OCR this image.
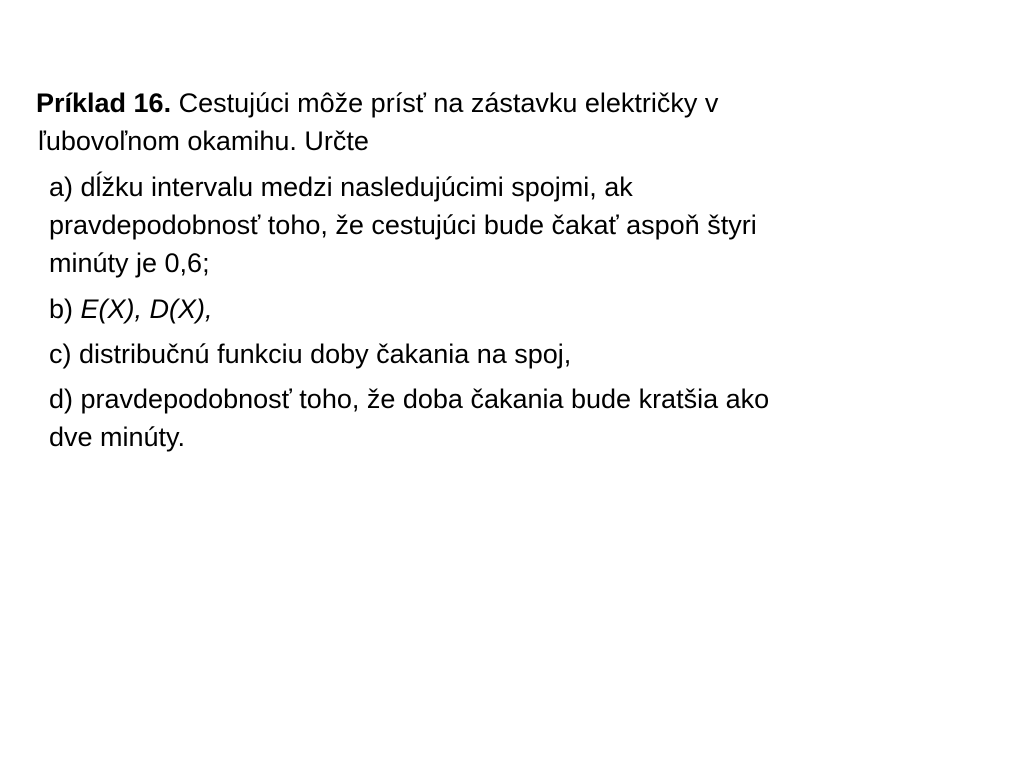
Príklad 16. Cestujúci môže prísť na zástavku električky v
ľubovoľnom okamihu. Určte

a) dĺžku intervalu medzi nasledujúcimi spojmi, ak
pravdepodobnosť toho, že cestujúci bude čakať aspoň štyri
minúty je 0,6;
b) E(X), D(X),
c) distribučnú funkciu doby čakania na spoj,
d) pravdepodobnosť toho, že doba čakania bude kratšia ako
dve minúty.
